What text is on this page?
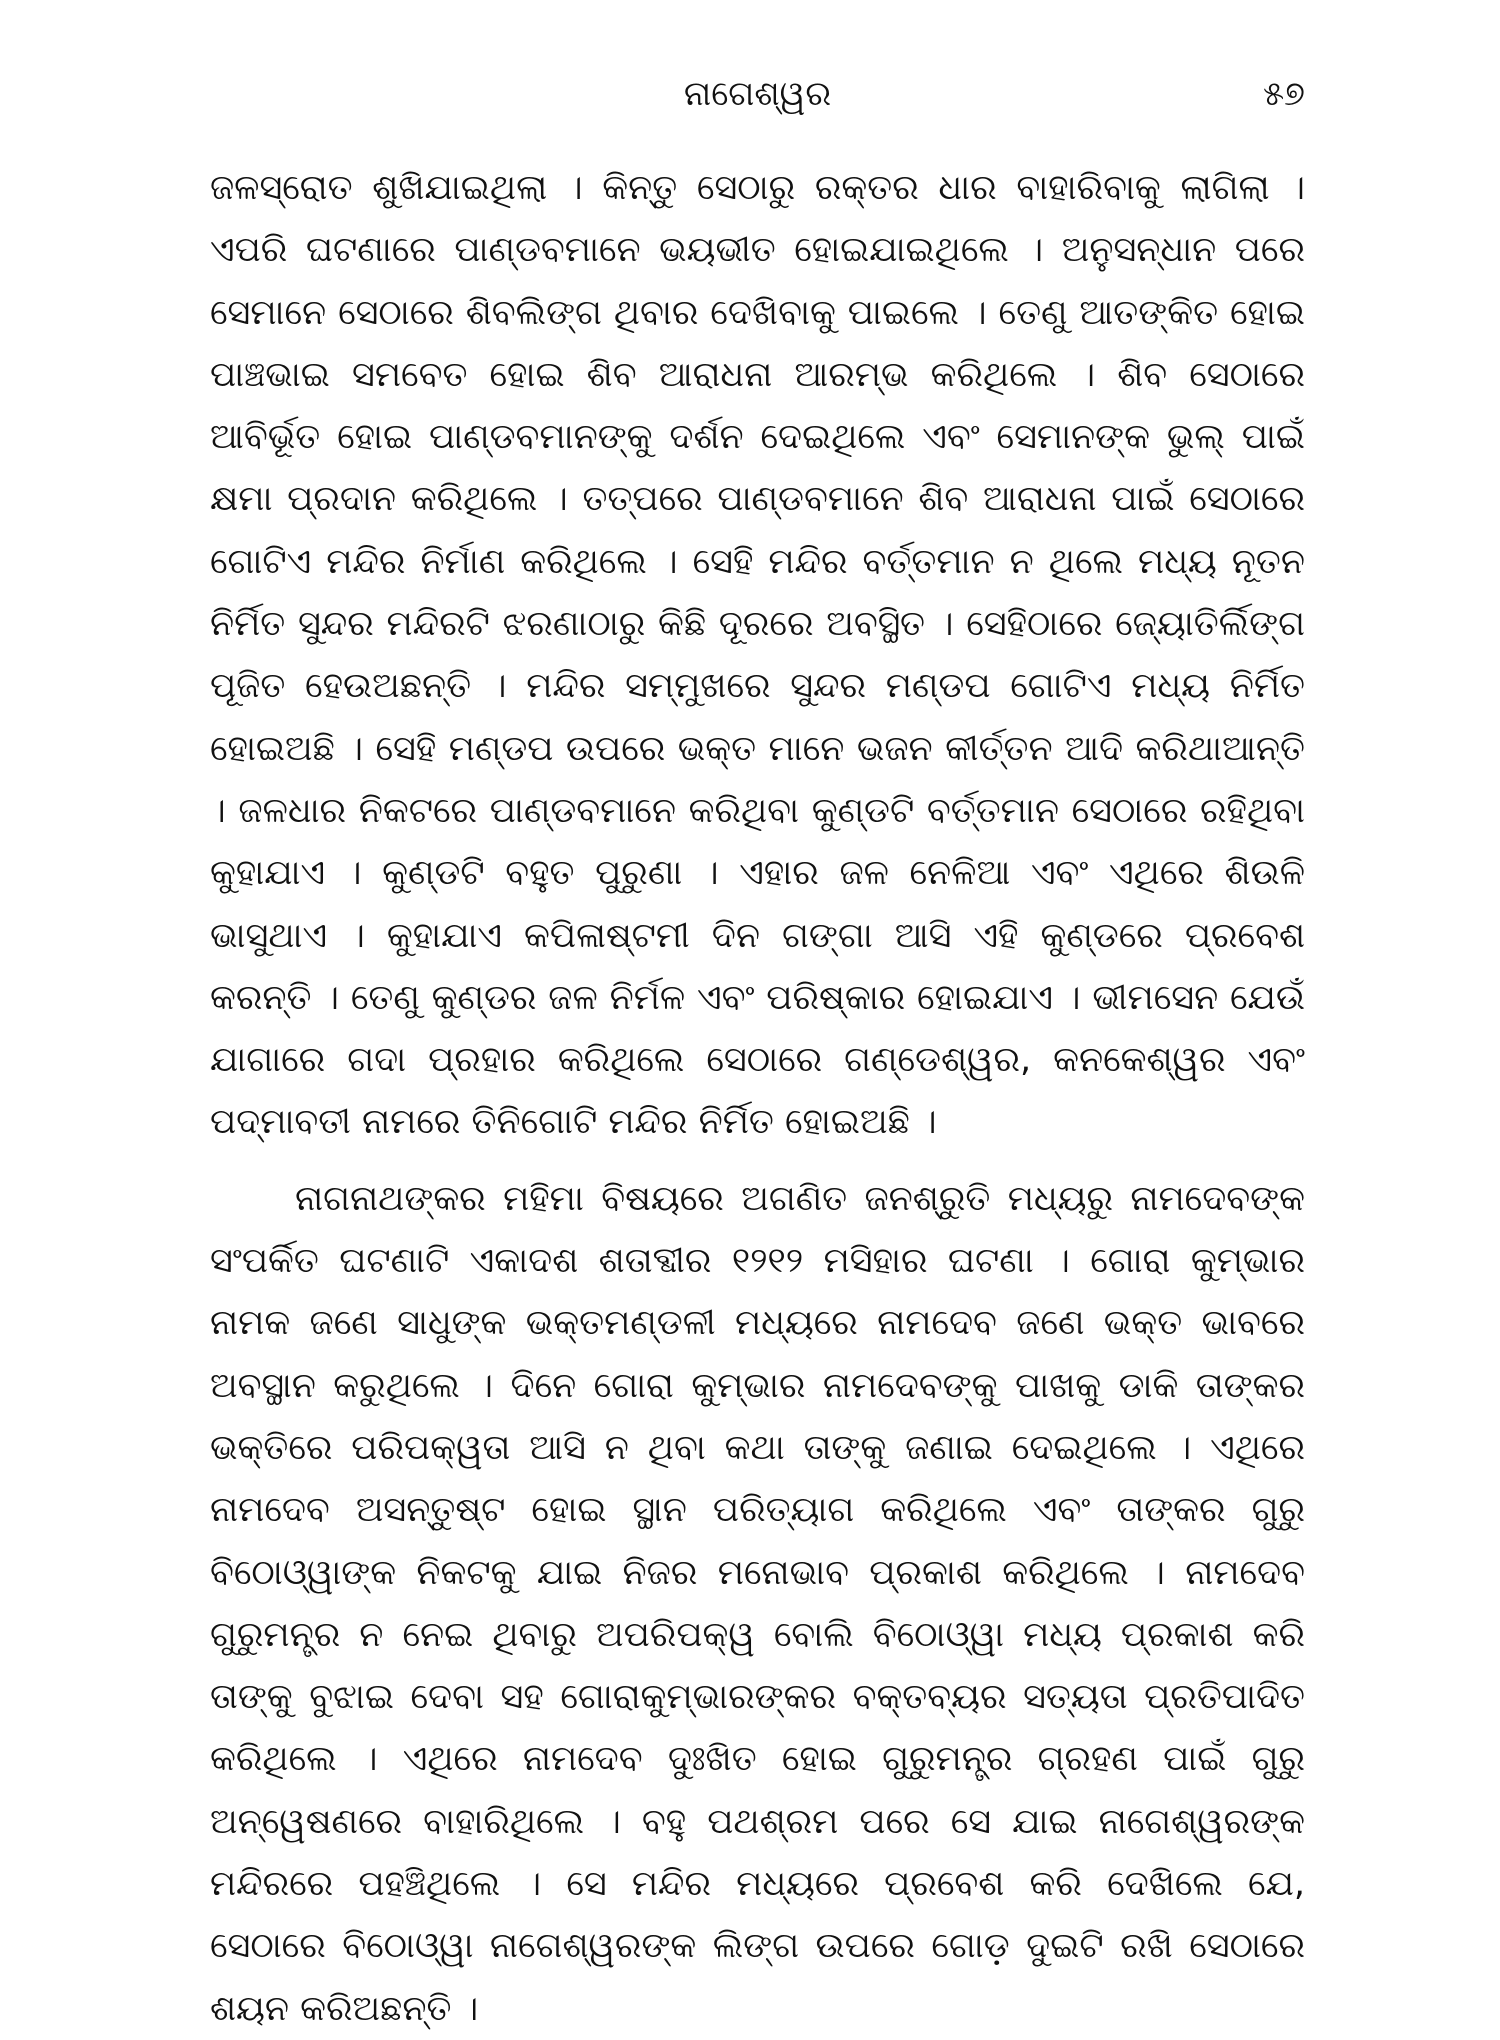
ନାଗେଶ୍ୱର	୫୭

ଜଳସ୍ରୋତ ଶୁଖିଯାଇଥିଲା । କିନ୍ତୁ ସେଠାରୁ ରକ୍ତର ଧାର ବାହାରିବାକୁ ଲାଗିଲା । ଏପରି ଘଟଣାରେ ପାଣ୍ଡବମାନେ ଭୟଭୀତ ହୋଇଯାଇଥିଲେ । ଅନୁସନ୍ଧାନ ପରେ ସେମାନେ ସେଠାରେ ଶିବଲିଙ୍ଗ ଥିବାର ଦେଖିବାକୁ ପାଇଲେ । ତେଣୁ ଆତଙ୍କିତ ହୋଇ ପାଞ୍ଚଭାଇ ସମବେତ ହୋଇ ଶିବ ଆରାଧନା ଆରମ୍ଭ କରିଥିଲେ । ଶିବ ସେଠାରେ ଆବିର୍ଭୂତ ହୋଇ ପାଣ୍ଡବମାନଙ୍କୁ ଦର୍ଶନ ଦେଇଥିଲେ ଏବଂ ସେମାନଙ୍କ ଭୁଲ୍ ପାଇଁ କ୍ଷମା ପ୍ରଦାନ କରିଥିଲେ । ତତ୍ପରେ ପାଣ୍ଡବମାନେ ଶିବ ଆରାଧନା ପାଇଁ ସେଠାରେ ଗୋଟିଏ ମନ୍ଦିର ନିର୍ମାଣ କରିଥିଲେ । ସେହି ମନ୍ଦିର ବର୍ତ୍ତମାନ ନ ଥିଲେ ମଧ୍ୟ ନୂତନ ନିର୍ମିତ ସୁନ୍ଦର ମନ୍ଦିରଟି ଝରଣାଠାରୁ କିଛି ଦୂରରେ ଅବସ୍ଥିତ । ସେହିଠାରେ ଜ୍ୟୋତିର୍ଲିଙ୍ଗ ପୂଜିତ ହେଉଅଛନ୍ତି । ମନ୍ଦିର ସମ୍ମୁଖରେ ସୁନ୍ଦର ମଣ୍ଡପ ଗୋଟିଏ ମଧ୍ୟ ନିର୍ମିତ ହୋଇଅଛି । ସେହି ମଣ୍ଡପ ଉପରେ ଭକ୍ତ ମାନେ ଭଜନ କୀର୍ତ୍ତନ ଆଦି କରିଥାଆନ୍ତି । ଜଳଧାର ନିକଟରେ ପାଣ୍ଡବମାନେ କରିଥିବା କୁଣ୍ଡଟି ବର୍ତ୍ତମାନ ସେଠାରେ ରହିଥିବା କୁହାଯାଏ । କୁଣ୍ଡଟି ବହୁତ ପୁରୁଣା । ଏହାର ଜଳ ନେଳିଆ ଏବଂ ଏଥିରେ ଶିଉଳି ଭାସୁଥାଏ । କୁହାଯାଏ କପିଳାଷ୍ଟମୀ ଦିନ ଗଙ୍ଗା ଆସି ଏହି କୁଣ୍ଡରେ ପ୍ରବେଶ କରନ୍ତି । ତେଣୁ କୁଣ୍ଡର ଜଳ ନିର୍ମଳ ଏବଂ ପରିଷ୍କାର ହୋଇଯାଏ । ଭୀମସେନ ଯେଉଁ ଯାଗାରେ ଗଦା ପ୍ରହାର କରିଥିଲେ ସେଠାରେ ଗଣ୍ଡେଶ୍ୱର, କନକେଶ୍ୱର ଏବଂ ପଦ୍ମାବତୀ ନାମରେ ତିନିଗୋଟି ମନ୍ଦିର ନିର୍ମିତ ହୋଇଅଛି ।

ନାଗନାଥଙ୍କର ମହିମା ବିଷୟରେ ଅଗଣିତ ଜନଶ୍ରୁତି ମଧ୍ୟରୁ ନାମଦେବଙ୍କ ସଂପର୍କିତ ଘଟଣାଟି ଏକାଦଶ ଶତାବ୍ଦୀର ୧୨୧୨ ମସିହାର ଘଟଣା । ଗୋରା କୁମ୍ଭାର ନାମକ ଜଣେ ସାଧୁଙ୍କ ଭକ୍ତମଣ୍ଡଳୀ ମଧ୍ୟରେ ନାମଦେବ ଜଣେ ଭକ୍ତ ଭାବରେ ଅବସ୍ଥାନ କରୁଥିଲେ । ଦିନେ ଗୋରା କୁମ୍ଭାର ନାମଦେବଙ୍କୁ ପାଖକୁ ଡାକି ତାଙ୍କର ଭକ୍ତିରେ ପରିପକ୍ୱତା ଆସି ନ ଥିବା କଥା ତାଙ୍କୁ ଜଣାଇ ଦେଇଥିଲେ । ଏଥିରେ ନାମଦେବ ଅସନ୍ତୁଷ୍ଟ ହୋଇ ସ୍ଥାନ ପରିତ୍ୟାଗ କରିଥିଲେ ଏବଂ ତାଙ୍କର ଗୁରୁ ବିଠୋଓ୍ୱାଙ୍କ ନିକଟକୁ ଯାଇ ନିଜର ମନୋଭାବ ପ୍ରକାଶ କରିଥିଲେ । ନାମଦେବ ଗୁରୁମନ୍ତ୍ର ନ ନେଇ ଥିବାରୁ ଅପରିପକ୍ୱ ବୋଲି ବିଠୋଓ୍ୱା ମଧ୍ୟ ପ୍ରକାଶ କରି ତାଙ୍କୁ ବୁଝାଇ ଦେବା ସହ ଗୋରାକୁମ୍ଭାରଙ୍କର ବକ୍ତବ୍ୟର ସତ୍ୟତା ପ୍ରତିପାଦିତ କରିଥିଲେ । ଏଥିରେ ନାମଦେବ ଦୁଃଖିତ ହୋଇ ଗୁରୁମନ୍ତ୍ର ଗ୍ରହଣ ପାଇଁ ଗୁରୁ ଅନ୍ୱେଷଣରେ ବାହାରିଥିଲେ । ବହୁ ପଥଶ୍ରମ ପରେ ସେ ଯାଇ ନାଗେଶ୍ୱରଙ୍କ ମନ୍ଦିରରେ ପହଞ୍ଚିଥିଲେ । ସେ ମନ୍ଦିର ମଧ୍ୟରେ ପ୍ରବେଶ କରି ଦେଖିଲେ ଯେ, ସେଠାରେ ବିଠୋଓ୍ୱା ନାଗେଶ୍ୱରଙ୍କ ଲିଙ୍ଗ ଉପରେ ଗୋଡ଼ ଦୁଇଟି ରଖି ସେଠାରେ ଶୟନ କରିଅଛନ୍ତି ।
